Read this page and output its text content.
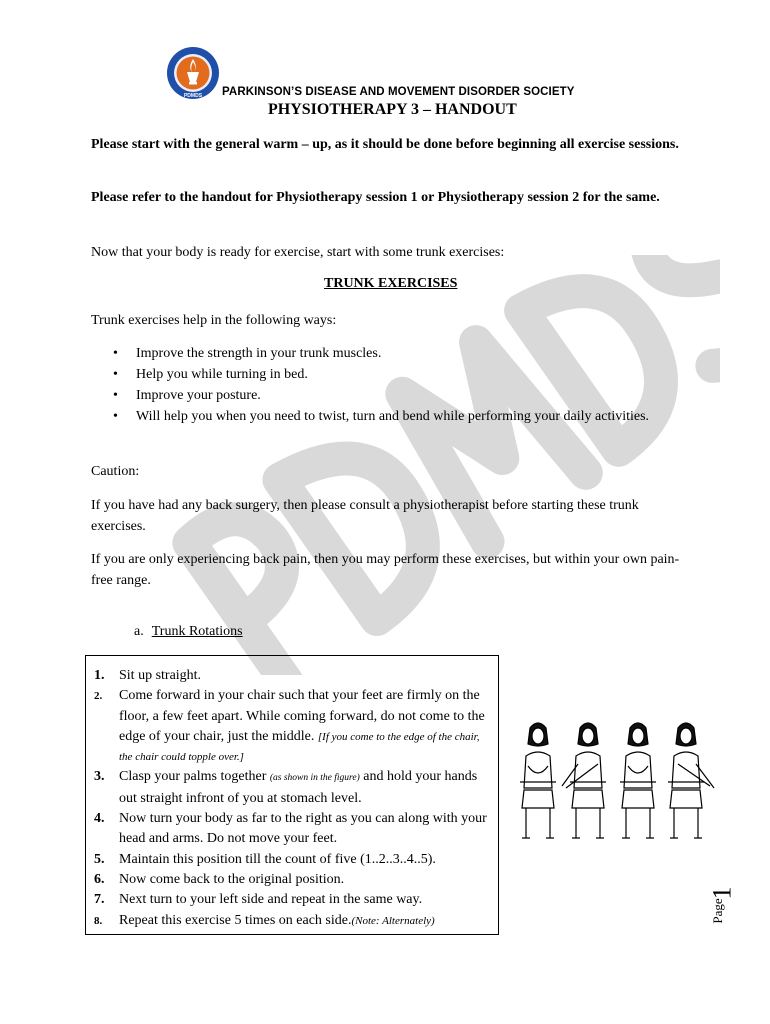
PDMDS PARKINSON’S DISEASE AND MOVEMENT DISORDER SOCIETY
PHYSIOTHERAPY 3 – HANDOUT

Please start with the general warm – up, as it should be done before beginning all exercise sessions.

Please refer to the handout for Physiotherapy session 1 or Physiotherapy session 2 for the same.

Now that your body is ready for exercise, start with some trunk exercises:

TRUNK EXERCISES

Trunk exercises help in the following ways:

• Improve the strength in your trunk muscles.
• Help you while turning in bed.
• Improve your posture.
• Will help you when you need to twist, turn and bend while performing your daily activities.

Caution:

If you have had any back surgery, then please consult a physiotherapist before starting these trunk exercises.

If you are only experiencing back pain, then you may perform these exercises, but within your own pain-free range.

a. Trunk Rotations
1. Sit up straight.
2. Come forward in your chair such that your feet are firmly on the floor, a few feet apart. While coming forward, do not come to the edge of your chair, just the middle. [If you come to the edge of the chair, the chair could topple over.]
3. Clasp your palms together (as shown in the figure) and hold your hands out straight infront of you at stomach level.
4. Now turn your body as far to the right as you can along with your head and arms. Do not move your feet.
5. Maintain this position till the count of five (1..2..3..4..5).
6. Now come back to the original position.
7. Next turn to your left side and repeat in the same way.
8. Repeat this exercise 5 times on each side.(Note: Alternately)	Page
1
